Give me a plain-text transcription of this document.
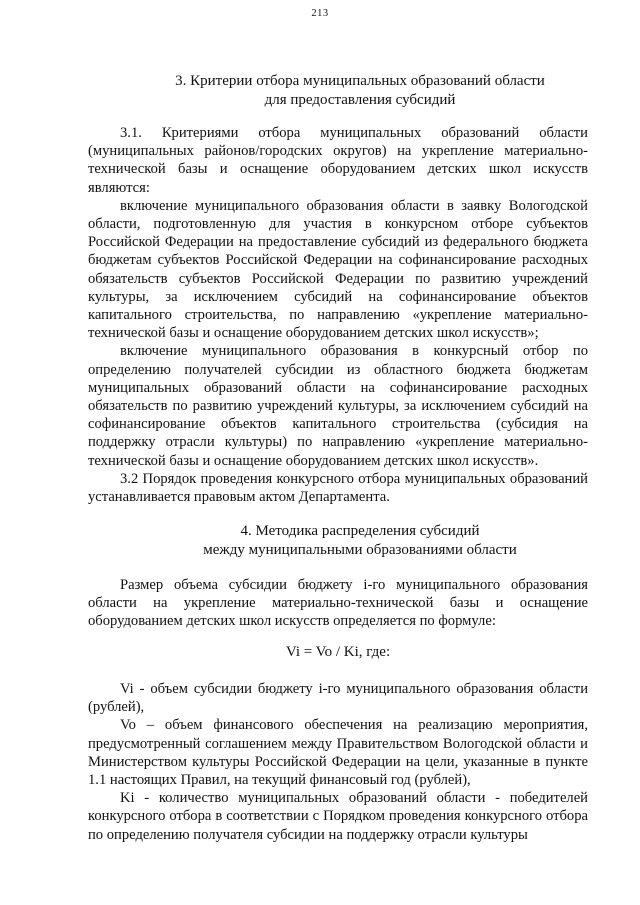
213
3. Критерии отбора муниципальных образований области
для предоставления субсидий

3.1. Критериями отбора муниципальных образований области (муниципальных районов/городских округов) на укрепление материально-технической базы и оснащение оборудованием детских школ искусств являются:

включение муниципального образования области в заявку Вологодской области, подготовленную для участия в конкурсном отборе субъектов Российской Федерации на предоставление субсидий из федерального бюджета бюджетам субъектов Российской Федерации на софинансирование расходных обязательств субъектов Российской Федерации по развитию учреждений культуры, за исключением субсидий на софинансирование объектов капитального строительства, по направлению «укрепление материально-технической базы и оснащение оборудованием детских школ искусств»;

включение муниципального образования в конкурсный отбор по определению получателей субсидии из областного бюджета бюджетам муниципальных образований области на софинансирование расходных обязательств по развитию учреждений культуры, за исключением субсидий на софинансирование объектов капитального строительства (субсидия на поддержку отрасли культуры) по направлению «укрепление материально-технической базы и оснащение оборудованием детских школ искусств».

3.2 Порядок проведения конкурсного отбора муниципальных образований устанавливается правовым актом Департамента.

4. Методика распределения субсидий
между муниципальными образованиями области

Размер объема субсидии бюджету i-го муниципального образования области на укрепление материально-технической базы и оснащение оборудованием детских школ искусств определяется по формуле:

Vi = Vo / Ki, где:

Vi - объем субсидии бюджету i-го муниципального образования области (рублей),

Vo – объем финансового обеспечения на реализацию мероприятия, предусмотренный соглашением между Правительством Вологодской области и Министерством культуры Российской Федерации на цели, указанные в пункте 1.1 настоящих Правил, на текущий финансовый год (рублей),

Ki - количество муниципальных образований области - победителей конкурсного отбора в соответствии с Порядком проведения конкурсного отбора по определению получателя субсидии на поддержку отрасли культуры
